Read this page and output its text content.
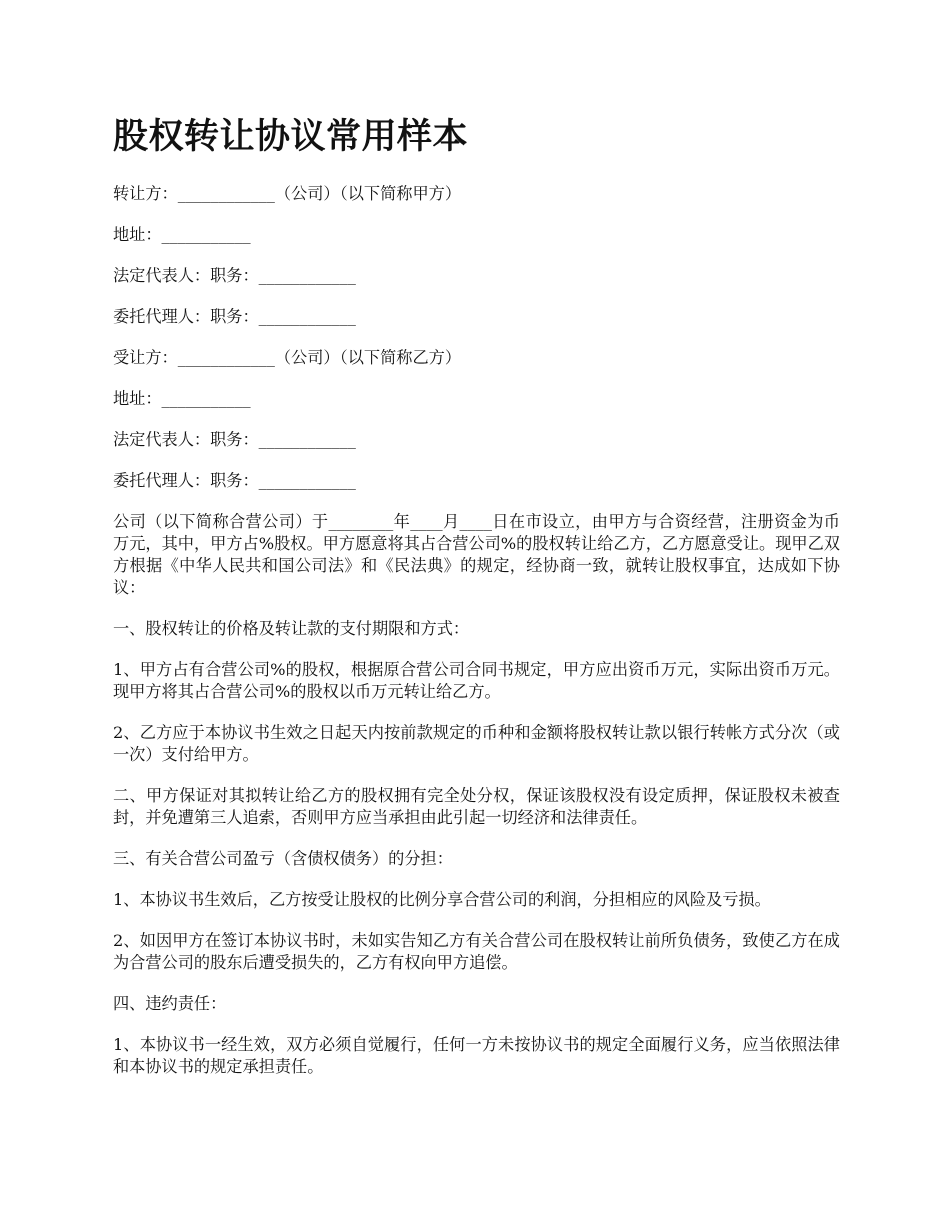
股权转让协议常用样本
转让方：____________（公司）（以下简称甲方）
地址：___________
法定代表人：职务：____________
委托代理人：职务：____________
受让方：____________（公司）（以下简称乙方）
地址：___________
法定代表人：职务：____________
委托代理人：职务：____________

公司（以下简称合营公司）于________年____月____日在市设立，由甲方与合资经营，注册资金为币万元，其中，甲方占%股权。甲方愿意将其占合营公司%的股权转让给乙方，乙方愿意受让。现甲乙双方根据《中华人民共和国公司法》和《民法典》的规定，经协商一致，就转让股权事宜，达成如下协议：

一、股权转让的价格及转让款的支付期限和方式：

1、甲方占有合营公司%的股权，根据原合营公司合同书规定，甲方应出资币万元，实际出资币万元。现甲方将其占合营公司%的股权以币万元转让给乙方。

2、乙方应于本协议书生效之日起天内按前款规定的币种和金额将股权转让款以银行转帐方式分次（或一次）支付给甲方。

二、甲方保证对其拟转让给乙方的股权拥有完全处分权，保证该股权没有设定质押，保证股权未被查封，并免遭第三人追索，否则甲方应当承担由此引起一切经济和法律责任。

三、有关合营公司盈亏（含债权债务）的分担：

1、本协议书生效后，乙方按受让股权的比例分享合营公司的利润，分担相应的风险及亏损。

2、如因甲方在签订本协议书时，未如实告知乙方有关合营公司在股权转让前所负债务，致使乙方在成为合营公司的股东后遭受损失的，乙方有权向甲方追偿。

四、违约责任：

1、本协议书一经生效，双方必须自觉履行，任何一方未按协议书的规定全面履行义务，应当依照法律和本协议书的规定承担责任。
